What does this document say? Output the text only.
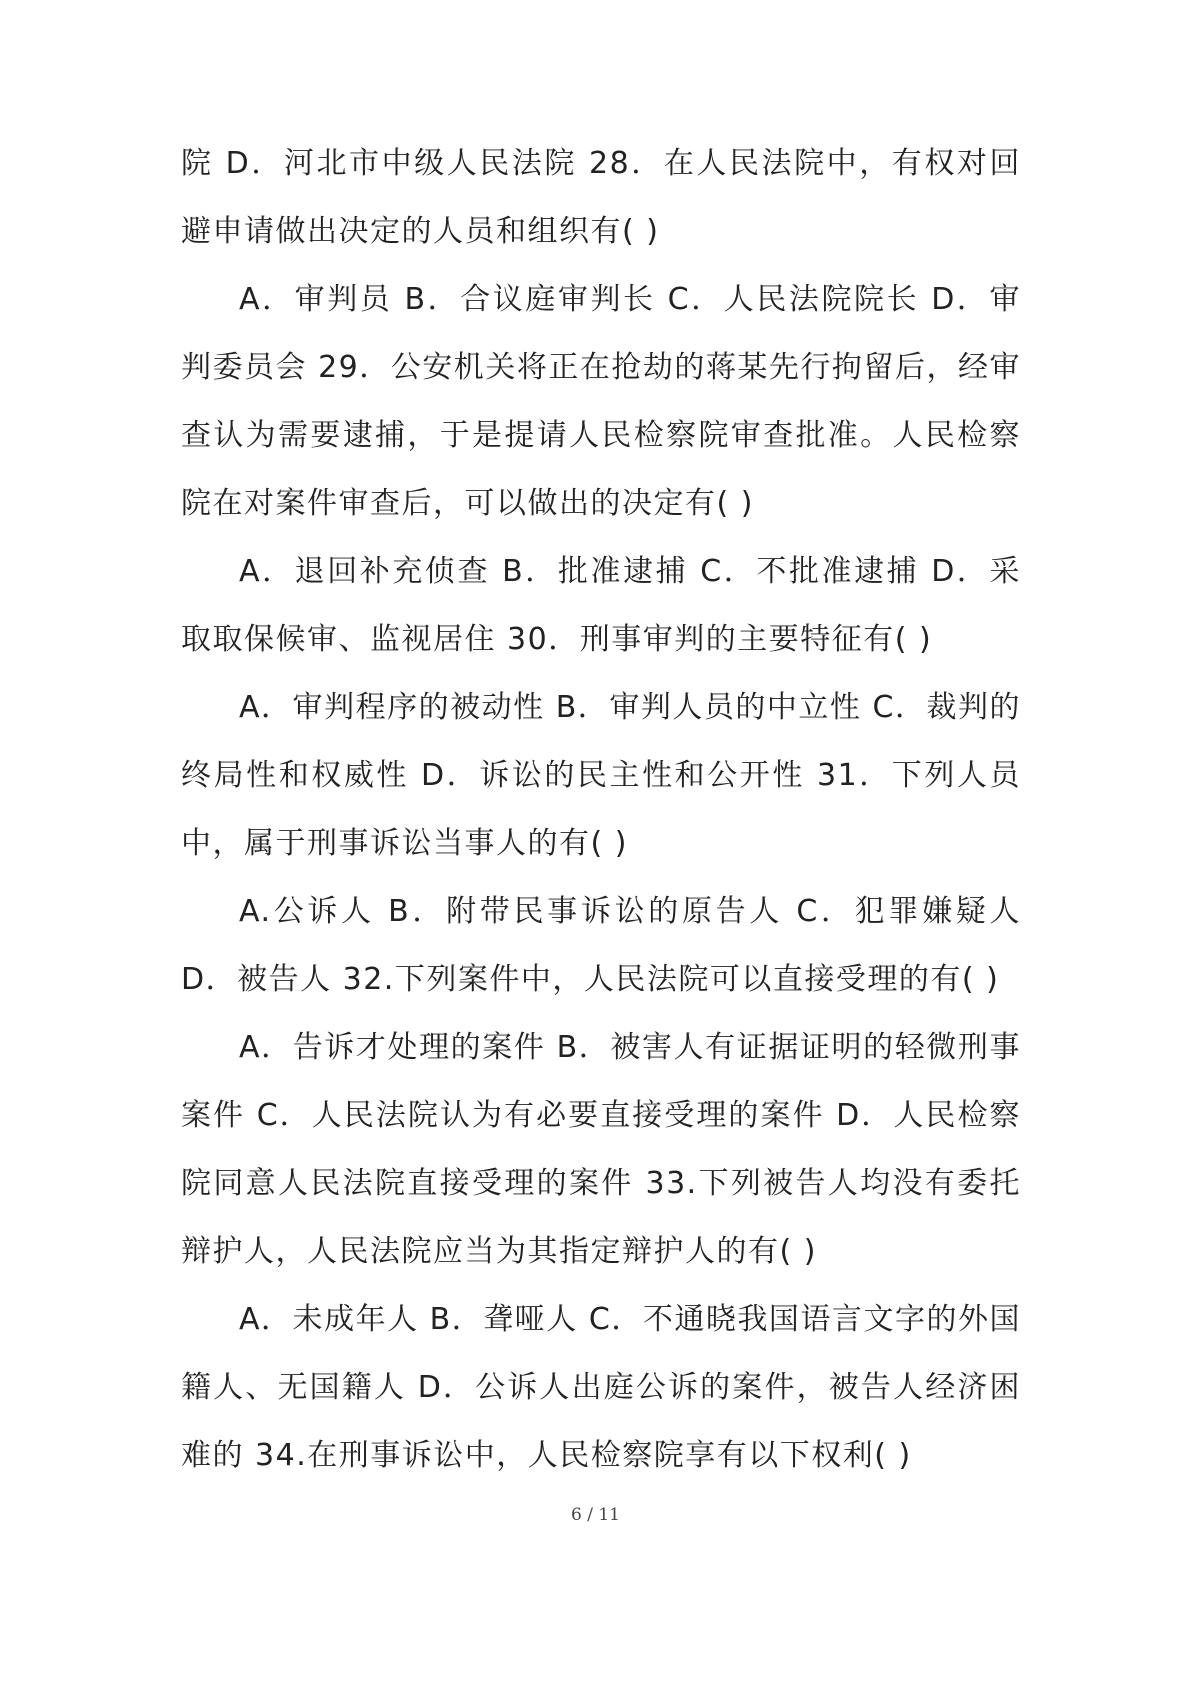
院 D．河北市中级人民法院 28．在人民法院中，有权对回避申请做出决定的人员和组织有( )

A．审判员 B．合议庭审判长 C．人民法院院长 D．审判委员会 29．公安机关将正在抢劫的蒋某先行拘留后，经审查认为需要逮捕，于是提请人民检察院审查批准。人民检察院在对案件审查后，可以做出的决定有( )

A．退回补充侦查 B．批准逮捕 C．不批准逮捕 D．采取取保候审、监视居住 30．刑事审判的主要特征有( )

A．审判程序的被动性 B．审判人员的中立性 C．裁判的终局性和权威性 D．诉讼的民主性和公开性 31．下列人员中，属于刑事诉讼当事人的有( )

A.公诉人 B．附带民事诉讼的原告人 C．犯罪嫌疑人 D．被告人 32.下列案件中，人民法院可以直接受理的有( )

A．告诉才处理的案件 B．被害人有证据证明的轻微刑事案件 C．人民法院认为有必要直接受理的案件 D．人民检察院同意人民法院直接受理的案件 33.下列被告人均没有委托辩护人，人民法院应当为其指定辩护人的有( )

A．未成年人 B．聋哑人 C．不通晓我国语言文字的外国籍人、无国籍人 D．公诉人出庭公诉的案件，被告人经济困难的 34.在刑事诉讼中，人民检察院享有以下权利( )

6 / 11
